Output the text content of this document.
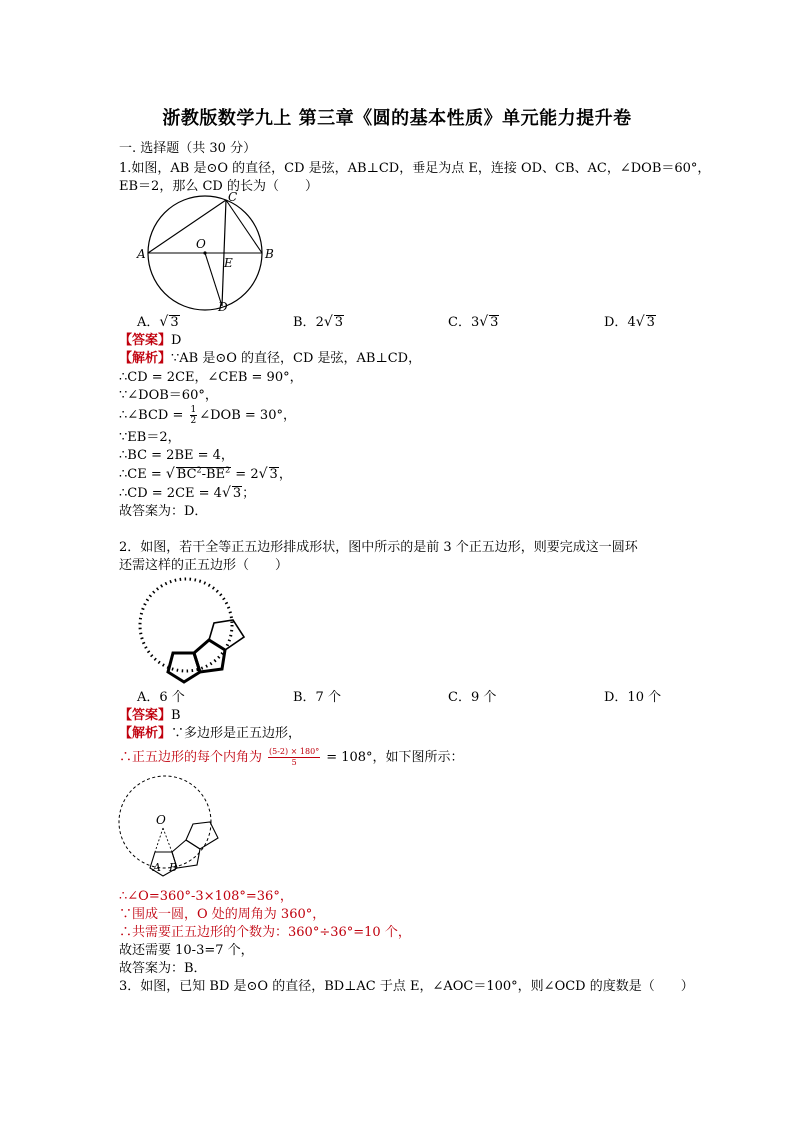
浙教版数学九上 第三章《圆的基本性质》单元能力提升卷
一. 选择题（共 30 分）
1.如图，AB 是⊙O 的直径，CD 是弦，AB⊥CD，垂足为点 E，连接 OD、CB、AC，∠DOB＝60°，
EB＝2，那么 CD 的长为（　　）
A	B
C
D
O
E
A．√ 3	B．2√ 3	C．3√ 3	D．4√ 3
【答案】D
【解析】∵AB 是⊙O 的直径，CD 是弦，AB⊥CD，
∴CD = 2CE，∠CEB = 90°，
∵∠DOB＝60°，
∴∠BCD = $\frac{1}{2}$ ∠DOB = 30°，
∵EB＝2，
∴BC = 2BE = 4，
∴CE = √ $BC^2-BE^2 = 2√$ 3，
∴CD = 2CE = 4√ 3；
故答案为：D．
2．如图，若干全等正五边形排成形状，图中所示的是前 3 个正五边形，则要完成这一圆环
还需这样的正五边形（　　）
A．6 个	B．7 个	C．9 个	D．10 个
【答案】B
【解析】∵多边形是正五边形，
∴正五边形的每个内角为 $\frac{(5-2) \times 180^\circ}{5} = 108^\circ$，如下图所示：
O
A B
∴∠O=360°-3×108°=36°，
∵围成一圆，O 处的周角为 360°，
∴共需要正五边形的个数为：360°÷36°=10 个，
故还需要 10-3=7 个，
故答案为：B．
3．如图，已知 BD 是⊙O 的直径，BD⊥AC 于点 E，∠AOC＝100°，则∠OCD 的度数是（　　）
